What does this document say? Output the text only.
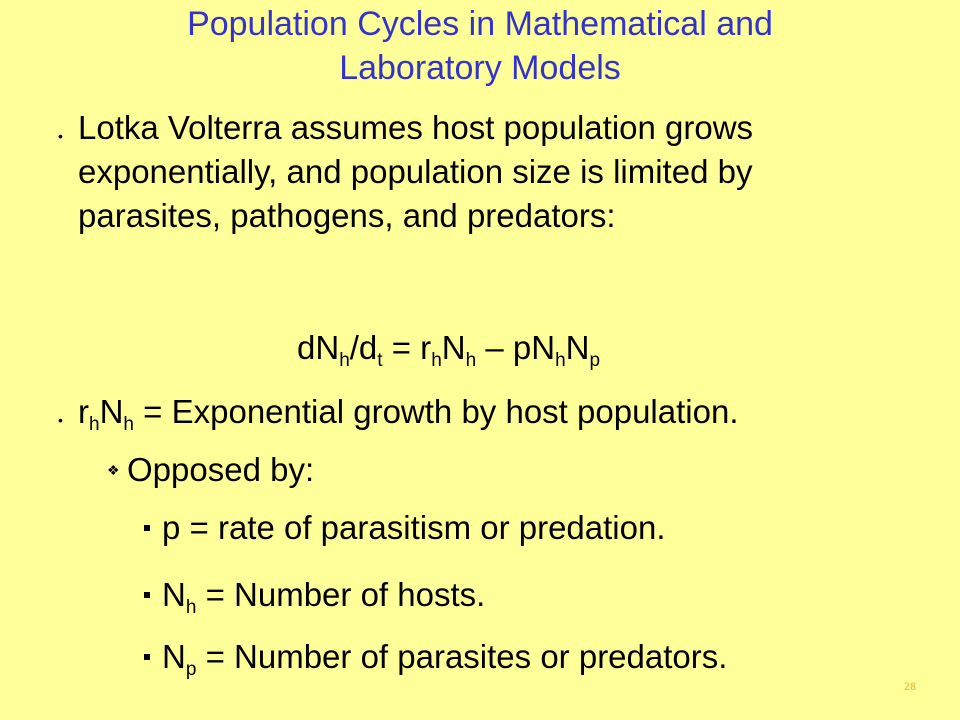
Population Cycles in Mathematical and
Laboratory Models
• Lotka Volterra assumes host population grows exponentially, and population size is limited by parasites, pathogens, and predators:
$dN_h/d_t = r_hN_h - pN_hN_p$
• $r_hN_h$ = Exponential growth by host population.
❖ Opposed by:
p = rate of parasitism or predation.
$N_h$ = Number of hosts.
$N_p$ = Number of parasites or predators.
28
